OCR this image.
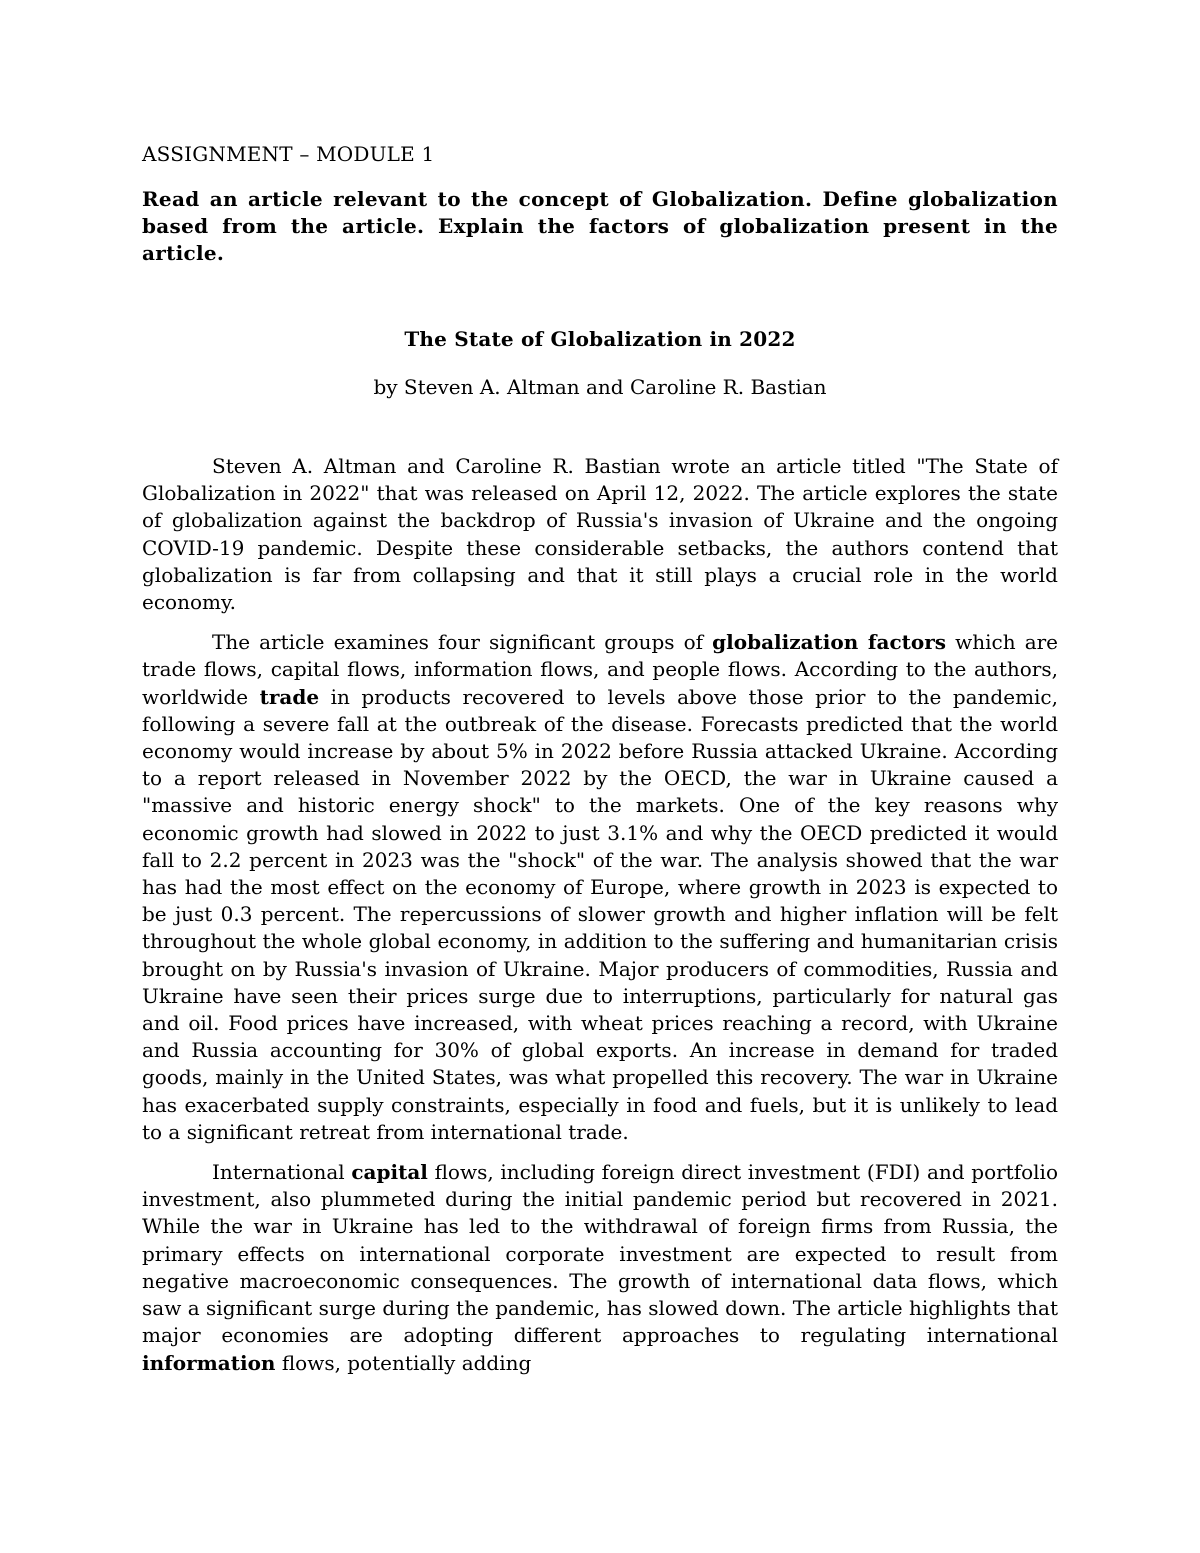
ASSIGNMENT – MODULE 1

Read an article relevant to the concept of Globalization. Define globalization based from the article. Explain the factors of globalization present in the article.

The State of Globalization in 2022
by Steven A. Altman and Caroline R. Bastian

Steven A. Altman and Caroline R. Bastian wrote an article titled "The State of Globalization in 2022" that was released on April 12, 2022. The article explores the state of globalization against the backdrop of Russia's invasion of Ukraine and the ongoing COVID-19 pandemic. Despite these considerable setbacks, the authors contend that globalization is far from collapsing and that it still plays a crucial role in the world economy.

The article examines four significant groups of globalization factors which are trade flows, capital flows, information flows, and people flows. According to the authors, worldwide trade in products recovered to levels above those prior to the pandemic, following a severe fall at the outbreak of the disease. Forecasts predicted that the world economy would increase by about 5% in 2022 before Russia attacked Ukraine. According to a report released in November 2022 by the OECD, the war in Ukraine caused a "massive and historic energy shock" to the markets. One of the key reasons why economic growth had slowed in 2022 to just 3.1% and why the OECD predicted it would fall to 2.2 percent in 2023 was the "shock" of the war. The analysis showed that the war has had the most effect on the economy of Europe, where growth in 2023 is expected to be just 0.3 percent. The repercussions of slower growth and higher inflation will be felt throughout the whole global economy, in addition to the suffering and humanitarian crisis brought on by Russia's invasion of Ukraine. Major producers of commodities, Russia and Ukraine have seen their prices surge due to interruptions, particularly for natural gas and oil. Food prices have increased, with wheat prices reaching a record, with Ukraine and Russia accounting for 30% of global exports. An increase in demand for traded goods, mainly in the United States, was what propelled this recovery. The war in Ukraine has exacerbated supply constraints, especially in food and fuels, but it is unlikely to lead to a significant retreat from international trade.

International capital flows, including foreign direct investment (FDI) and portfolio investment, also plummeted during the initial pandemic period but recovered in 2021. While the war in Ukraine has led to the withdrawal of foreign firms from Russia, the primary effects on international corporate investment are expected to result from negative macroeconomic consequences. The growth of international data flows, which saw a significant surge during the pandemic, has slowed down. The article highlights that major economies are adopting different approaches to regulating international information flows, potentially adding
